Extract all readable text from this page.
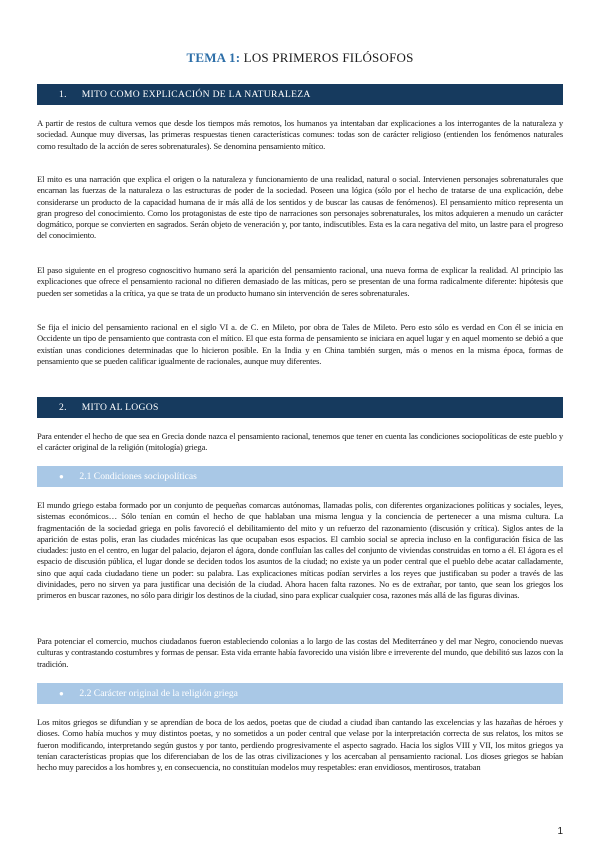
TEMA 1: LOS PRIMEROS FILÓSOFOS
1. MITO COMO EXPLICACIÓN DE LA NATURALEZA

A partir de restos de cultura vemos que desde los tiempos más remotos, los humanos ya intentaban dar explicaciones a los interrogantes de la naturaleza y sociedad. Aunque muy diversas, las primeras respuestas tienen características comunes: todas son de carácter religioso (entienden los fenómenos naturales como resultado de la acción de seres sobrenaturales). Se denomina pensamiento mítico.

El mito es una narración que explica el origen o la naturaleza y funcionamiento de una realidad, natural o social. Intervienen personajes sobrenaturales que encarnan las fuerzas de la naturaleza o las estructuras de poder de la sociedad. Poseen una lógica (sólo por el hecho de tratarse de una explicación, debe considerarse un producto de la capacidad humana de ir más allá de los sentidos y de buscar las causas de fenómenos). El pensamiento mítico representa un gran progreso del conocimiento. Como los protagonistas de este tipo de narraciones son personajes sobrenaturales, los mitos adquieren a menudo un carácter dogmático, porque se convierten en sagrados. Serán objeto de veneración y, por tanto, indiscutibles. Esta es la cara negativa del mito, un lastre para el progreso del conocimiento.

El paso siguiente en el progreso cognoscitivo humano será la aparición del pensamiento racional, una nueva forma de explicar la realidad. Al principio las explicaciones que ofrece el pensamiento racional no difieren demasiado de las míticas, pero se presentan de una forma radicalmente diferente: hipótesis que pueden ser sometidas a la crítica, ya que se trata de un producto humano sin intervención de seres sobrenaturales.

Se fija el inicio del pensamiento racional en el siglo VI a. de C. en Mileto, por obra de Tales de Mileto. Pero esto sólo es verdad en Con él se inicia en Occidente un tipo de pensamiento que contrasta con el mítico. El que esta forma de pensamiento se iniciara en aquel lugar y en aquel momento se debió a que existían unas condiciones determinadas que lo hicieron posible. En la India y en China también surgen, más o menos en la misma época, formas de pensamiento que se pueden calificar igualmente de racionales, aunque muy diferentes.

2. MITO AL LOGOS

Para entender el hecho de que sea en Grecia donde nazca el pensamiento racional, tenemos que tener en cuenta las condiciones sociopolíticas de este pueblo y el carácter original de la religión (mitología) griega.

● 2.1 Condiciones sociopolíticas

El mundo griego estaba formado por un conjunto de pequeñas comarcas autónomas, llamadas polis, con diferentes organizaciones políticas y sociales, leyes, sistemas económicos… Sólo tenían en común el hecho de que hablaban una misma lengua y la conciencia de pertenecer a una misma cultura. La fragmentación de la sociedad griega en polis favoreció el debilitamiento del mito y un refuerzo del razonamiento (discusión y crítica). Siglos antes de la aparición de estas polis, eran las ciudades micénicas las que ocupaban esos espacios. El cambio social se aprecia incluso en la configuración física de las ciudades: justo en el centro, en lugar del palacio, dejaron el ágora, donde confluían las calles del conjunto de viviendas construidas en torno a él. El ágora es el espacio de discusión pública, el lugar donde se deciden todos los asuntos de la ciudad; no existe ya un poder central que el pueblo debe acatar calladamente, sino que aquí cada ciudadano tiene un poder: su palabra. Las explicaciones míticas podían servirles a los reyes que justificaban su poder a través de las divinidades, pero no sirven ya para justificar una decisión de la ciudad. Ahora hacen falta razones. No es de extrañar, por tanto, que sean los griegos los primeros en buscar razones, no sólo para dirigir los destinos de la ciudad, sino para explicar cualquier cosa, razones más allá de las figuras divinas.

Para potenciar el comercio, muchos ciudadanos fueron estableciendo colonias a lo largo de las costas del Mediterráneo y del mar Negro, conociendo nuevas culturas y contrastando costumbres y formas de pensar. Esta vida errante había favorecido una visión libre e irreverente del mundo, que debilitó sus lazos con la tradición.

● 2.2 Carácter original de la religión griega

Los mitos griegos se difundían y se aprendían de boca de los aedos, poetas que de ciudad a ciudad iban cantando las excelencias y las hazañas de héroes y dioses. Como había muchos y muy distintos poetas, y no sometidos a un poder central que velase por la interpretación correcta de sus relatos, los mitos se fueron modificando, interpretando según gustos y por tanto, perdiendo progresivamente el aspecto sagrado. Hacia los siglos VIII y VII, los mitos griegos ya tenían características propias que los diferenciaban de los de las otras civilizaciones y los acercaban al pensamiento racional. Los dioses griegos se habían hecho muy parecidos a los hombres y, en consecuencia, no constituían modelos muy respetables: eran envidiosos, mentirosos, trataban

1
